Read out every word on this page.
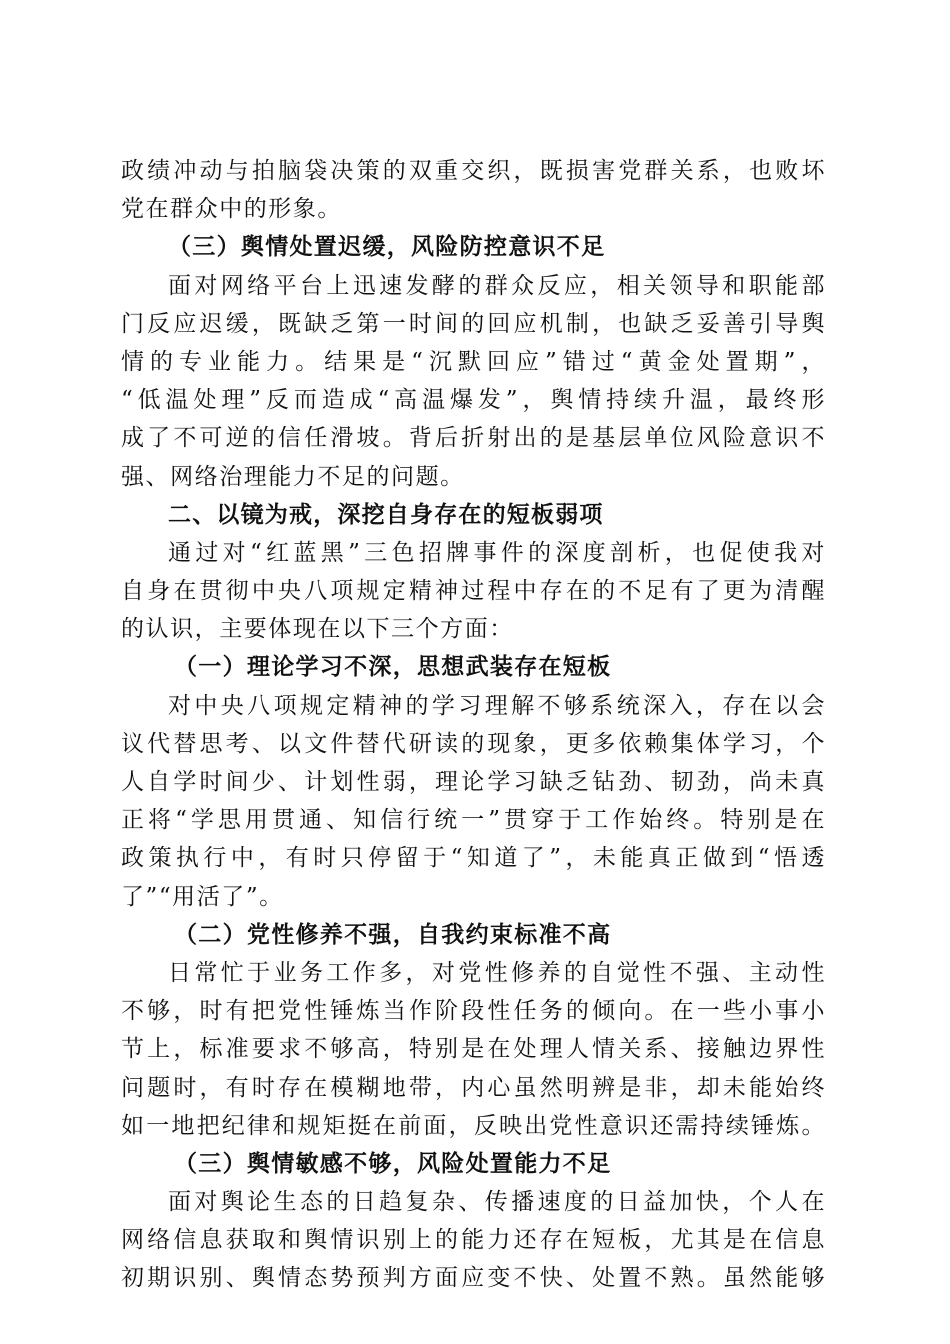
政绩冲动与拍脑袋决策的双重交织，既损害党群关系，也败坏
党在群众中的形象。
（三）舆情处置迟缓，风险防控意识不足
面对网络平台上迅速发酵的群众反应，相关领导和职能部
门反应迟缓，既缺乏第一时间的回应机制，也缺乏妥善引导舆
情的专业能力。结果是“沉默回应”错过“黄金处置期”，
“低温处理”反而造成“高温爆发”，舆情持续升温，最终形
成了不可逆的信任滑坡。背后折射出的是基层单位风险意识不
强、网络治理能力不足的问题。
二、以镜为戒，深挖自身存在的短板弱项
通过对“红蓝黑”三色招牌事件的深度剖析，也促使我对
自身在贯彻中央八项规定精神过程中存在的不足有了更为清醒
的认识，主要体现在以下三个方面：
（一）理论学习不深，思想武装存在短板
对中央八项规定精神的学习理解不够系统深入，存在以会
议代替思考、以文件替代研读的现象，更多依赖集体学习，个
人自学时间少、计划性弱，理论学习缺乏钻劲、韧劲，尚未真
正将“学思用贯通、知信行统一”贯穿于工作始终。特别是在
政策执行中，有时只停留于“知道了”，未能真正做到“悟透
了”“用活了”。
（二）党性修养不强，自我约束标准不高
日常忙于业务工作多，对党性修养的自觉性不强、主动性
不够，时有把党性锤炼当作阶段性任务的倾向。在一些小事小
节上，标准要求不够高，特别是在处理人情关系、接触边界性
问题时，有时存在模糊地带，内心虽然明辨是非，却未能始终
如一地把纪律和规矩挺在前面，反映出党性意识还需持续锤炼。
（三）舆情敏感不够，风险处置能力不足
面对舆论生态的日趋复杂、传播速度的日益加快，个人在
网络信息获取和舆情识别上的能力还存在短板，尤其是在信息
初期识别、舆情态势预判方面应变不快、处置不熟。虽然能够
